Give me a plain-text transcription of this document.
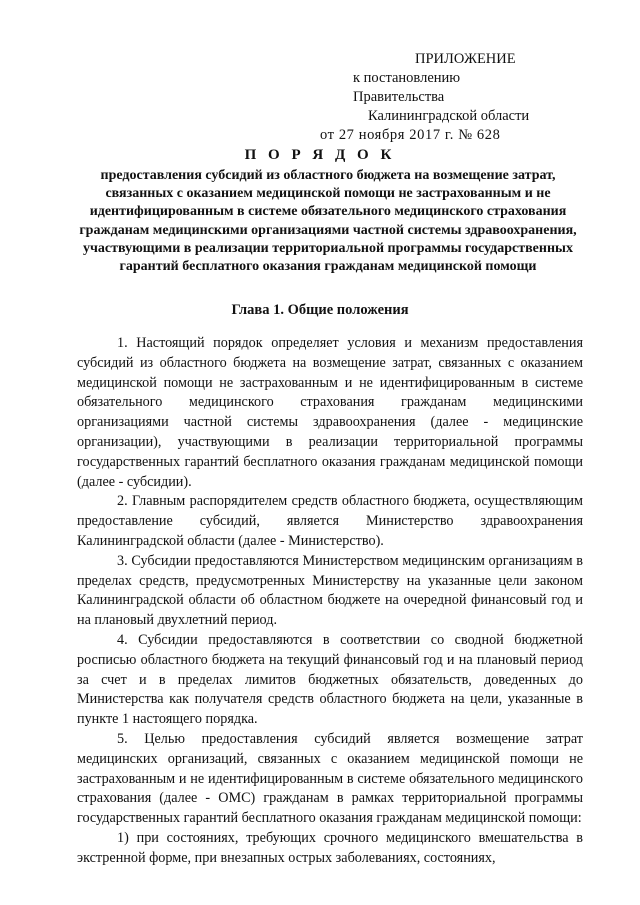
ПРИЛОЖЕНИЕ
к постановлению Правительства
Калининградской области
от 27 ноября 2017 г. № 628
П О Р Я Д О К
предоставления субсидий из областного бюджета на возмещение затрат, связанных с оказанием медицинской помощи не застрахованным и не идентифицированным в системе обязательного медицинского страхования гражданам медицинскими организациями частной системы здравоохранения, участвующими в реализации территориальной программы государственных гарантий бесплатного оказания гражданам медицинской помощи
Глава 1. Общие положения

1. Настоящий порядок определяет условия и механизм предоставления субсидий из областного бюджета на возмещение затрат, связанных с оказанием медицинской помощи не застрахованным и не идентифицированным в системе обязательного медицинского страхования гражданам медицинскими организациями частной системы здравоохранения (далее - медицинские организации), участвующими в реализации территориальной программы государственных гарантий бесплатного оказания гражданам медицинской помощи (далее - субсидии).

2. Главным распорядителем средств областного бюджета, осуществляющим предоставление субсидий, является Министерство здравоохранения Калининградской области (далее - Министерство).

3. Субсидии предоставляются Министерством медицинским организациям в пределах средств, предусмотренных Министерству на указанные цели законом Калининградской области об областном бюджете на очередной финансовый год и на плановый двухлетний период.

4. Субсидии предоставляются в соответствии со сводной бюджетной росписью областного бюджета на текущий финансовый год и на плановый период за счет и в пределах лимитов бюджетных обязательств, доведенных до Министерства как получателя средств областного бюджета на цели, указанные в пункте 1 настоящего порядка.

5. Целью предоставления субсидий является возмещение затрат медицинских организаций, связанных с оказанием медицинской помощи не застрахованным и не идентифицированным в системе обязательного медицинского страхования (далее - ОМС) гражданам в рамках территориальной программы государственных гарантий бесплатного оказания гражданам медицинской помощи:

1) при состояниях, требующих срочного медицинского вмешательства в экстренной форме, при внезапных острых заболеваниях, состояниях,
